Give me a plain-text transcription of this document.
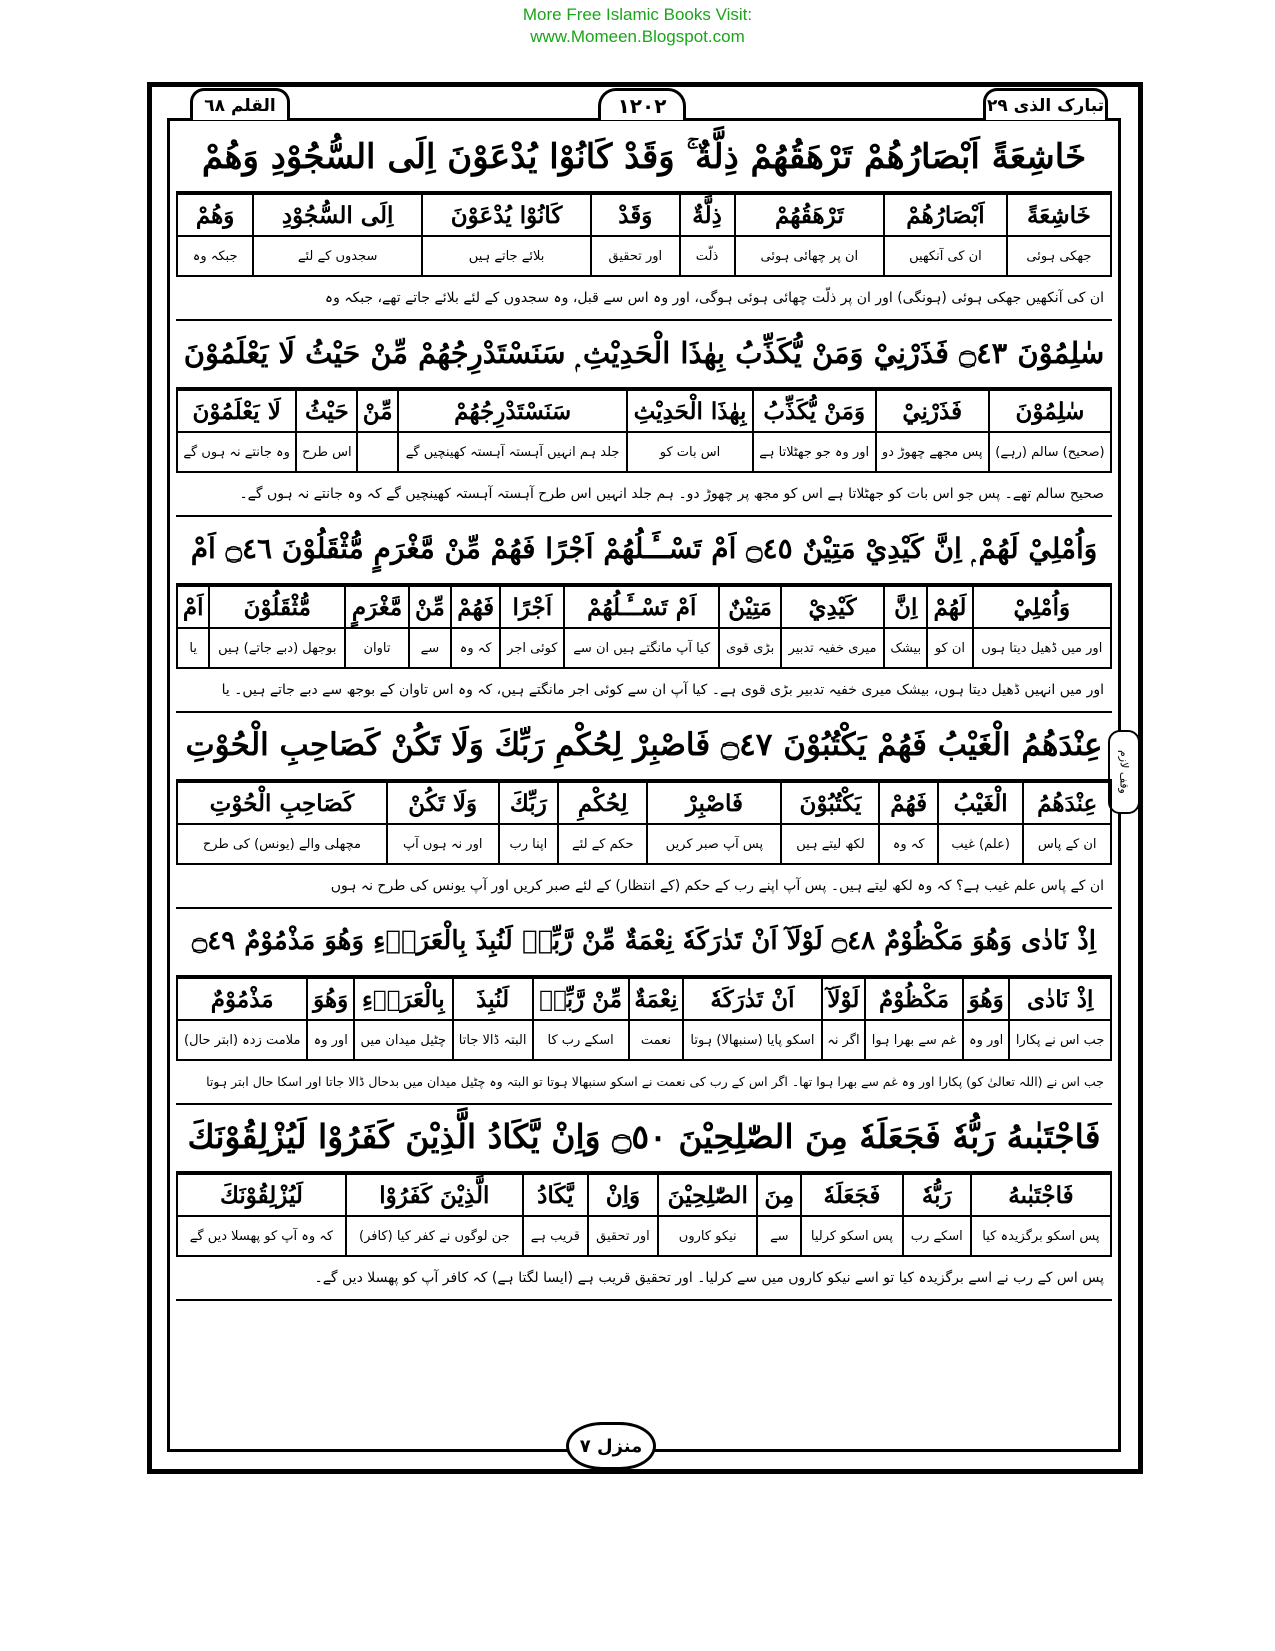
More Free Islamic Books Visit:
www.Momeen.Blogspot.com
القلم ٦٨	١٢٠٢	تبارک الذی ٢٩
وقف لازم
خَاشِعَةً اَبْصَارُهُمْ تَرْهَقُهُمْ ذِلَّةٌ ۚ وَقَدْ كَانُوْا يُدْعَوْنَ اِلَى السُّجُوْدِ وَهُمْ
خَاشِعَةً	اَبْصَارُهُمْ	تَرْهَقُهُمْ	ذِلَّةٌ	وَقَدْ	كَانُوْا يُدْعَوْنَ	اِلَى السُّجُوْدِ	وَهُمْ
جھکی ہوئی	ان کی آنکھیں	ان پر چھائی ہوئی	ذلّت	اور تحقیق	بلائے جاتے ہیں	سجدوں کے لئے	جبکہ وہ
ان کی آنکھیں جھکی ہوئی (ہونگی) اور ان پر ذلّت چھائی ہوئی ہوگی، اور وہ اس سے قبل، وہ سجدوں کے لئے بلائے جاتے تھے، جبکہ وہ
سٰلِمُوْنَ ۝٤٣ فَذَرْنِيْ وَمَنْ يُّكَذِّبُ بِهٰذَا الْحَدِيْثِ ۭ سَنَسْتَدْرِجُهُمْ مِّنْ حَيْثُ لَا يَعْلَمُوْنَ
سٰلِمُوْنَ	فَذَرْنِيْ	وَمَنْ يُّكَذِّبُ	بِهٰذَا الْحَدِيْثِ	سَنَسْتَدْرِجُهُمْ	مِّنْ	حَيْثُ	لَا يَعْلَمُوْنَ
(صحیح) سالم (رہے)	پس مجھے چھوڑ دو	اور وہ جو جھٹلاتا ہے	اس بات کو	جلد ہم انہیں آہستہ آہستہ کھینچیں گے		اس طرح	وہ جانتے نہ ہوں گے
صحیح سالم تھے۔ پس جو اس بات کو جھٹلاتا ہے اس کو مجھ پر چھوڑ دو۔ ہم جلد انہیں اس طرح آہستہ آہستہ کھینچیں گے کہ وہ جانتے نہ ہوں گے۔
وَاُمْلِيْ لَهُمْ ۭ اِنَّ كَيْدِيْ مَتِيْنٌ ۝٤٥ اَمْ تَسْــَٔـلُهُمْ اَجْرًا فَهُمْ مِّنْ مَّغْرَمٍ مُّثْقَلُوْنَ ۝٤٦ اَمْ
وَاُمْلِيْ	لَهُمْ	اِنَّ	كَيْدِيْ	مَتِيْنٌ	اَمْ تَسْــَٔـلُهُمْ	اَجْرًا	فَهُمْ	مِّنْ	مَّغْرَمٍ	مُّثْقَلُوْنَ	اَمْ
اور میں ڈھیل دیتا ہوں	ان کو	بیشک	میری خفیہ تدبیر	بڑی قوی	کیا آپ مانگتے ہیں ان سے	کوئی اجر	کہ وہ	سے	تاوان	بوجھل (دبے جاتے) ہیں	یا
اور میں انہیں ڈھیل دیتا ہوں، بیشک میری خفیہ تدبیر بڑی قوی ہے۔ کیا آپ ان سے کوئی اجر مانگتے ہیں، کہ وہ اس تاوان کے بوجھ سے دبے جاتے ہیں۔ یا
عِنْدَهُمُ الْغَيْبُ فَهُمْ يَكْتُبُوْنَ ۝٤٧ فَاصْبِرْ لِحُكْمِ رَبِّكَ وَلَا تَكُنْ كَصَاحِبِ الْحُوْتِ
عِنْدَهُمُ	الْغَيْبُ	فَهُمْ	يَكْتُبُوْنَ	فَاصْبِرْ	لِحُكْمِ	رَبِّكَ	وَلَا تَكُنْ	كَصَاحِبِ الْحُوْتِ
ان کے پاس	(علم) غیب	کہ وہ	لکھ لیتے ہیں	پس آپ صبر کریں	حکم کے لئے	اپنا رب	اور نہ ہوں آپ	مچھلی والے (یونس) کی طرح
ان کے پاس علم غیب ہے؟ کہ وہ لکھ لیتے ہیں۔ پس آپ اپنے رب کے حکم (کے انتظار) کے لئے صبر کریں اور آپ یونس کی طرح نہ ہوں
اِذْ نَادٰى وَهُوَ مَكْظُوْمٌ ۝٤٨ لَوْلَآ اَنْ تَدٰرَكَهٗ نِعْمَةٌ مِّنْ رَّبِّهٖ لَنُبِذَ بِالْعَرَاۗءِ وَهُوَ مَذْمُوْمٌ ۝٤٩
اِذْ نَادٰى	وَهُوَ	مَكْظُوْمٌ	لَوْلَآ	اَنْ تَدٰرَكَهٗ	نِعْمَةٌ	مِّنْ رَّبِّهٖ	لَنُبِذَ	بِالْعَرَاۗءِ	وَهُوَ	مَذْمُوْمٌ
جب اس نے پکارا	اور وہ	غم سے بھرا ہوا	اگر نہ	اسکو پایا (سنبھالا) ہوتا	نعمت	اسکے رب کا	البتہ ڈالا جاتا	چٹیل میدان میں	اور وہ	ملامت زدہ (ابتر حال)
جب اس نے (اللہ تعالیٰ کو) پکارا اور وہ غم سے بھرا ہوا تھا۔ اگر اس کے رب کی نعمت نے اسکو سنبھالا ہوتا تو البتہ وہ چٹیل میدان میں بدحال ڈالا جاتا اور اسکا حال ابتر ہوتا
فَاجْتَبٰىهُ رَبُّهٗ فَجَعَلَهٗ مِنَ الصّٰلِحِيْنَ ۝٥٠ وَاِنْ يَّكَادُ الَّذِيْنَ كَفَرُوْا لَيُزْلِقُوْنَكَ
فَاجْتَبٰىهُ	رَبُّهٗ	فَجَعَلَهٗ	مِنَ	الصّٰلِحِيْنَ	وَاِنْ	يَّكَادُ	الَّذِيْنَ كَفَرُوْا	لَيُزْلِقُوْنَكَ
پس اسکو برگزیدہ کیا	اسکے رب	پس اسکو کرلیا	سے	نیکو کاروں	اور تحقیق	قریب ہے	جن لوگوں نے کفر کیا (کافر)	کہ وہ آپ کو پھسلا دیں گے
پس اس کے رب نے اسے برگزیدہ کیا تو اسے نیکو کاروں میں سے کرلیا۔ اور تحقیق قریب ہے (ایسا لگتا ہے) کہ کافر آپ کو پھسلا دیں گے۔
منزل ٧
